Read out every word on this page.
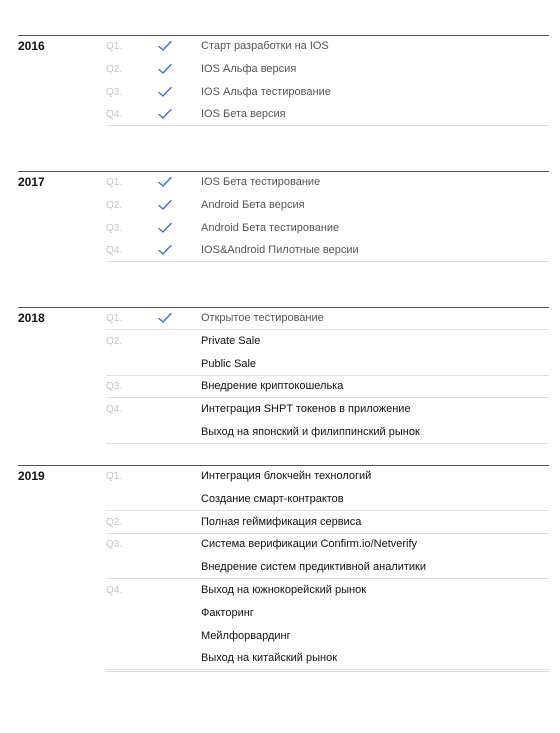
2016	Q1.	Старт разработки на IOS
Q2.	IOS Альфа версия
Q3.	IOS Альфа тестирование
Q4.	IOS Бета версия
2017	Q1.	IOS Бета тестирование
Q2.	Android Бета версия
Q3.	Android Бета тестирование
Q4.	IOS&Android Пилотные версии
2018	Q1.	Открытое тестирование
Q2.	Private Sale
Public Sale
Q3.	Внедрение криптокошелька
Q4.	Интеграция SHPT токенов в приложение
Выход на японский и филиппинский рынок
2019	Q1.	Интеграция блокчейн технологий
Создание смарт-контрактов
Q2.	Полная геймификация сервиса
Q3.	Система верификации Confirm.io/Netverify
Внедрение систем предиктивной аналитики
Q4.	Выход на южнокорейский рынок
Факторинг
Мейлфорвардинг
Выход на китайский рынок
